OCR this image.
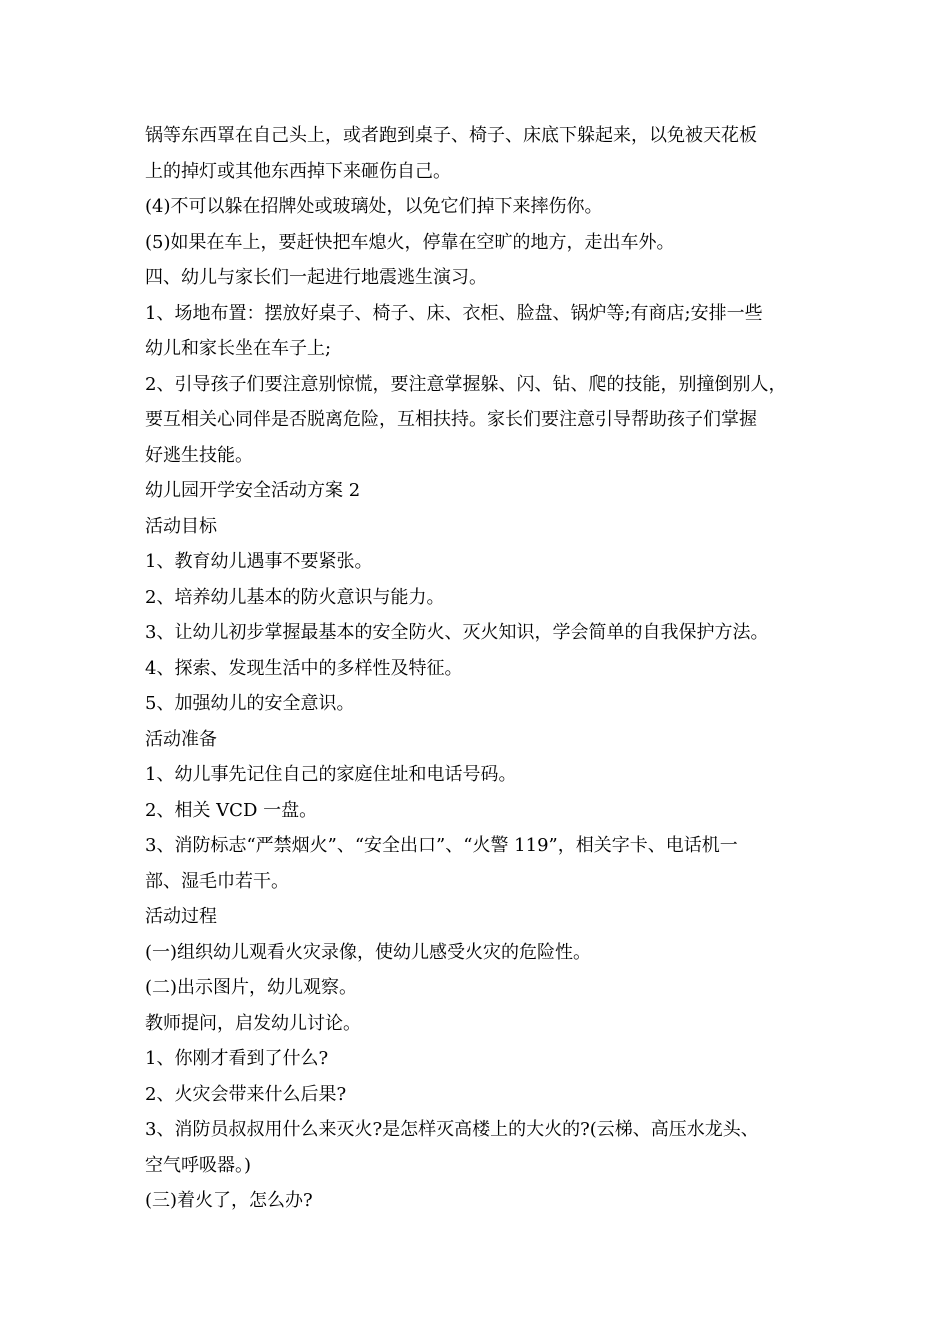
锅等东西罩在自己头上，或者跑到桌子、椅子、床底下躲起来，以免被天花板
上的掉灯或其他东西掉下来砸伤自己。
(4)不可以躲在招牌处或玻璃处，以免它们掉下来摔伤你。
(5)如果在车上，要赶快把车熄火，停靠在空旷的地方，走出车外。
四、幼儿与家长们一起进行地震逃生演习。
1、场地布置：摆放好桌子、椅子、床、衣柜、脸盘、锅炉等;有商店;安排一些
幼儿和家长坐在车子上;
2、引导孩子们要注意别惊慌，要注意掌握躲、闪、钻、爬的技能，别撞倒别人，
要互相关心同伴是否脱离危险，互相扶持。家长们要注意引导帮助孩子们掌握
好逃生技能。
幼儿园开学安全活动方案 2
活动目标
1、教育幼儿遇事不要紧张。
2、培养幼儿基本的防火意识与能力。
3、让幼儿初步掌握最基本的安全防火、灭火知识，学会简单的自我保护方法。
4、探索、发现生活中的多样性及特征。
5、加强幼儿的安全意识。
活动准备
1、幼儿事先记住自己的家庭住址和电话号码。
2、相关 VCD 一盘。
3、消防标志“严禁烟火”、“安全出口”、“火警 119”，相关字卡、电话机一
部、湿毛巾若干。
活动过程
(一)组织幼儿观看火灾录像，使幼儿感受火灾的危险性。
(二)出示图片，幼儿观察。
教师提问，启发幼儿讨论。
1、你刚才看到了什么?
2、火灾会带来什么后果?
3、消防员叔叔用什么来灭火?是怎样灭高楼上的大火的?(云梯、高压水龙头、
空气呼吸器。)
(三)着火了，怎么办?
